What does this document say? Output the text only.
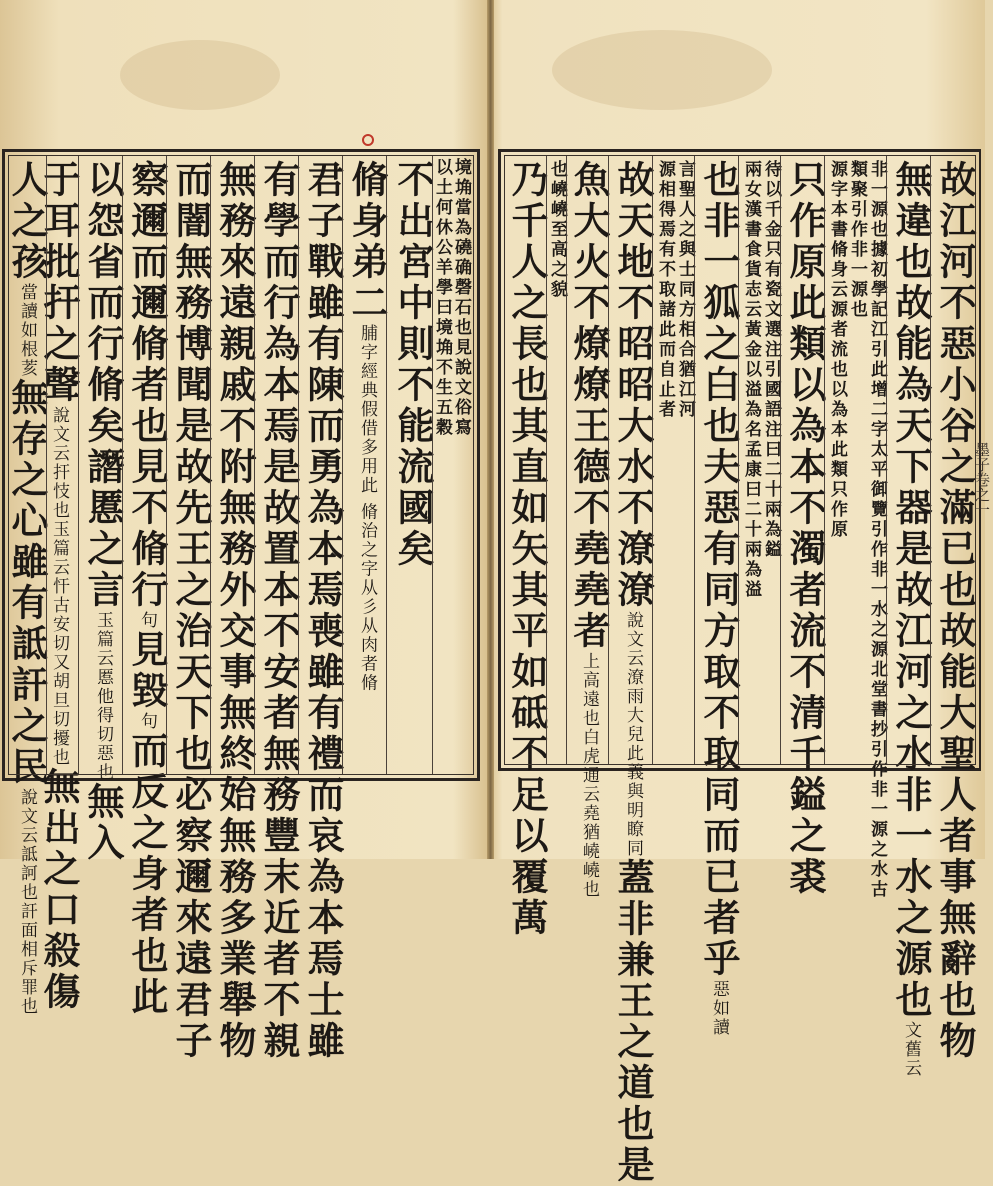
境埆當為磽确磬石也見說文俗寫
以土何休公羊學曰境埆不生五穀
不出宮中則不能流國矣
脩身弟二脯字經典假借多用此 脩治之字从彡从肉者脩
君子戰雖有陳而勇為本焉喪雖有禮而哀為本焉士雖
有學而行為本焉是故置本不安者無務豐末近者不親
無務來遠親戚不附無務外交事無終始無務多業舉物
而闇無務博聞是故先王之治天下也必察邇來遠君子
察邇而邇脩者也見不脩行句見毀句而反之身者也此
以怨省而行脩矣譖慝之言玉篇云慝他得切惡也無入
于耳批扞之聲說文云扞忮也玉篇云忓古安切又胡旦切擾也無出之口殺傷
人之孩當讀如根荄無存之心雖有詆訐之民說文云詆訶也訐面相斥罪也	故江河不惡小谷之滿已也故能大聖人者事無辭也物
無違也故能為天下器是故江河之水非一水之源也文舊云
非一源也據初學記江引此增二字太平御覽引作非一水之源北堂書抄引作非一源之水古
類聚引作非一源也
源字本書脩身云源者流也以為本此類只作原
只作原此類以為本不濁者流不清千鎰之裘
待以千金只有瓷文選注引國語注曰二十兩為鎰
兩女漢書食貨志云黃金以溢為名孟康曰二十兩為溢
也非一狐之白也夫惡有同方取不取同而已者乎惡如讀
言聖人之與士同方相合猶江河
源相得焉有不取諸此而自止者
故天地不昭昭大水不潦潦說文云潦雨大兒此義與明瞭同蓋非兼王之道也是
魚大火不燎燎王德不堯堯者上高遠也白虎通云堯猶嶢嶢也
也嶢嶢至高之貌
乃千人之長也其直如矢其平如砥不足以覆萬	墨子卷之一
